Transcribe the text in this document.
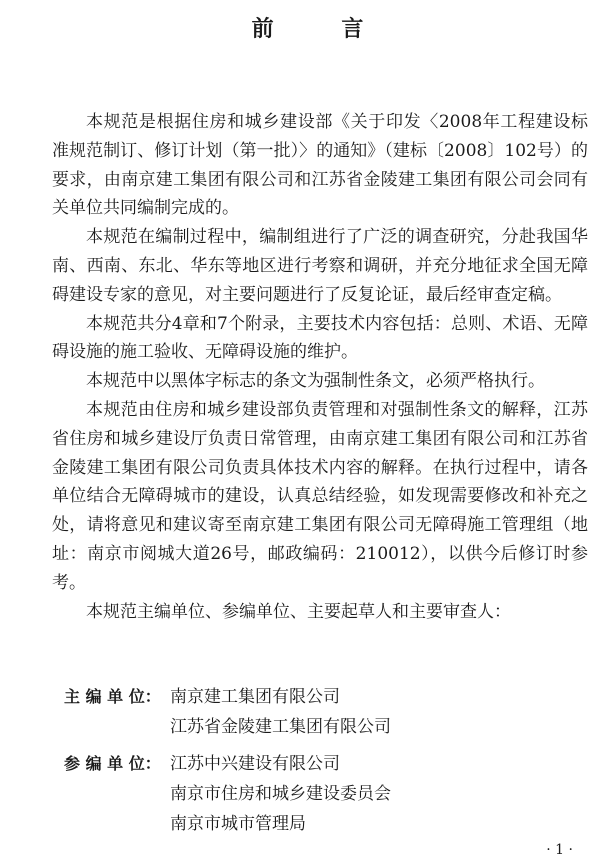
前 言

本规范是根据住房和城乡建设部《关于印发〈2008年工程建设标准规范制订、修订计划（第一批）〉的通知》（建标〔2008〕102号）的要求，由南京建工集团有限公司和江苏省金陵建工集团有限公司会同有关单位共同编制完成的。

本规范在编制过程中，编制组进行了广泛的调查研究，分赴我国华南、西南、东北、华东等地区进行考察和调研，并充分地征求全国无障碍建设专家的意见，对主要问题进行了反复论证，最后经审查定稿。

本规范共分4章和7个附录，主要技术内容包括：总则、术语、无障碍设施的施工验收、无障碍设施的维护。

本规范中以黑体字标志的条文为强制性条文，必须严格执行。

本规范由住房和城乡建设部负责管理和对强制性条文的解释，江苏省住房和城乡建设厅负责日常管理，由南京建工集团有限公司和江苏省金陵建工集团有限公司负责具体技术内容的解释。在执行过程中，请各单位结合无障碍城市的建设，认真总结经验，如发现需要修改和补充之处，请将意见和建议寄至南京建工集团有限公司无障碍施工管理组（地址：南京市阅城大道26号，邮政编码：210012），以供今后修订时参考。

本规范主编单位、参编单位、主要起草人和主要审查人：

主 编 单 位： 南京建工集团有限公司
江苏省金陵建工集团有限公司
参 编 单 位： 江苏中兴建设有限公司
南京市住房和城乡建设委员会
南京市城市管理局
· 1 ·
